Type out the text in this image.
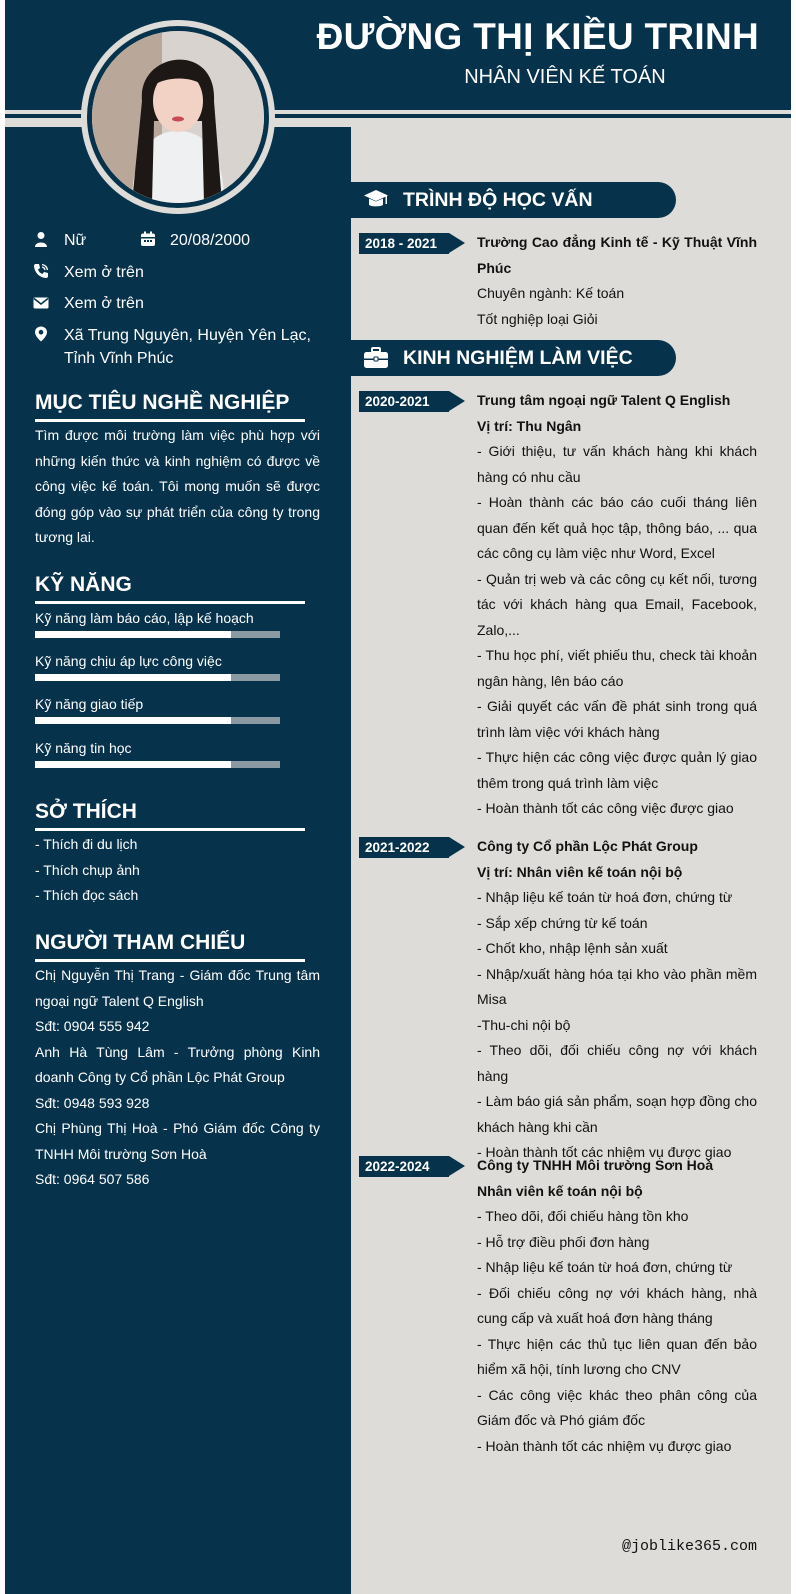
ĐƯỜNG THỊ KIỀU TRINH
NHÂN VIÊN KẾ TOÁN
Nữ	20/08/2000
Xem ở trên
Xem ở trên
Xã Trung Nguyên, Huyện Yên Lạc,
Tỉnh Vĩnh Phúc
MỤC TIÊU NGHỀ NGHIỆP
Tìm được môi trường làm việc phù hợp với những kiến thức và kinh nghiệm có được về công việc kế toán. Tôi mong muốn sẽ được đóng góp vào sự phát triển của công ty trong tương lai.
KỸ NĂNG
Kỹ năng làm báo cáo, lập kế hoạch
Kỹ năng chịu áp lực công việc
Kỹ năng giao tiếp
Kỹ năng tin học
SỞ THÍCH
- Thích đi du lịch
- Thích chụp ảnh
- Thích đọc sách
NGƯỜI THAM CHIẾU
Chị Nguyễn Thị Trang - Giám đốc Trung tâm ngoại ngữ Talent Q English
Sđt: 0904 555 942
Anh Hà Tùng Lâm - Trưởng phòng Kinh doanh Công ty Cổ phần Lộc Phát Group
Sđt: 0948 593 928
Chị Phùng Thị Hoà - Phó Giám đốc Công ty TNHH Môi trường Sơn Hoà
Sđt: 0964 507 586
TRÌNH ĐỘ HỌC VẤN
2018 - 2021	Trường Cao đẳng Kinh tế - Kỹ Thuật Vĩnh Phúc
Chuyên ngành: Kế toán
Tốt nghiệp loại Giỏi
KINH NGHIỆM LÀM VIỆC
2020-2021	Trung tâm ngoại ngữ Talent Q English
Vị trí: Thu Ngân
- Giới thiệu, tư vấn khách hàng khi khách hàng có nhu cầu
- Hoàn thành các báo cáo cuối tháng liên quan đến kết quả học tập, thông báo, ... qua các công cụ làm việc như Word, Excel
- Quản trị web và các công cụ kết nối, tương tác với khách hàng qua Email, Facebook, Zalo,...
- Thu học phí, viết phiếu thu, check tài khoản ngân hàng, lên báo cáo
- Giải quyết các vấn đề phát sinh trong quá trình làm việc với khách hàng
- Thực hiện các công việc được quản lý giao thêm trong quá trình làm việc
- Hoàn thành tốt các công việc được giao
2021-2022	Công ty Cổ phần Lộc Phát Group
Vị trí: Nhân viên kế toán nội bộ
- Nhập liệu kế toán từ hoá đơn, chứng từ
- Sắp xếp chứng từ kế toán
- Chốt kho, nhập lệnh sản xuất
- Nhập/xuất hàng hóa tại kho vào phần mềm Misa
-Thu-chi nội bộ
- Theo dõi, đối chiếu công nợ với khách hàng
- Làm báo giá sản phẩm, soạn hợp đồng cho khách hàng khi cần
- Hoàn thành tốt các nhiệm vụ được giao
2022-2024	Công ty TNHH Môi trường Sơn Hoà
Nhân viên kế toán nội bộ
- Theo dõi, đối chiếu hàng tồn kho
- Hỗ trợ điều phối đơn hàng
- Nhập liệu kế toán từ hoá đơn, chứng từ
- Đối chiếu công nợ với khách hàng, nhà cung cấp và xuất hoá đơn hàng tháng
- Thực hiện các thủ tục liên quan đến bảo hiểm xã hội, tính lương cho CNV
- Các công việc khác theo phân công của Giám đốc và Phó giám đốc
- Hoàn thành tốt các nhiệm vụ được giao
@joblike365.com
